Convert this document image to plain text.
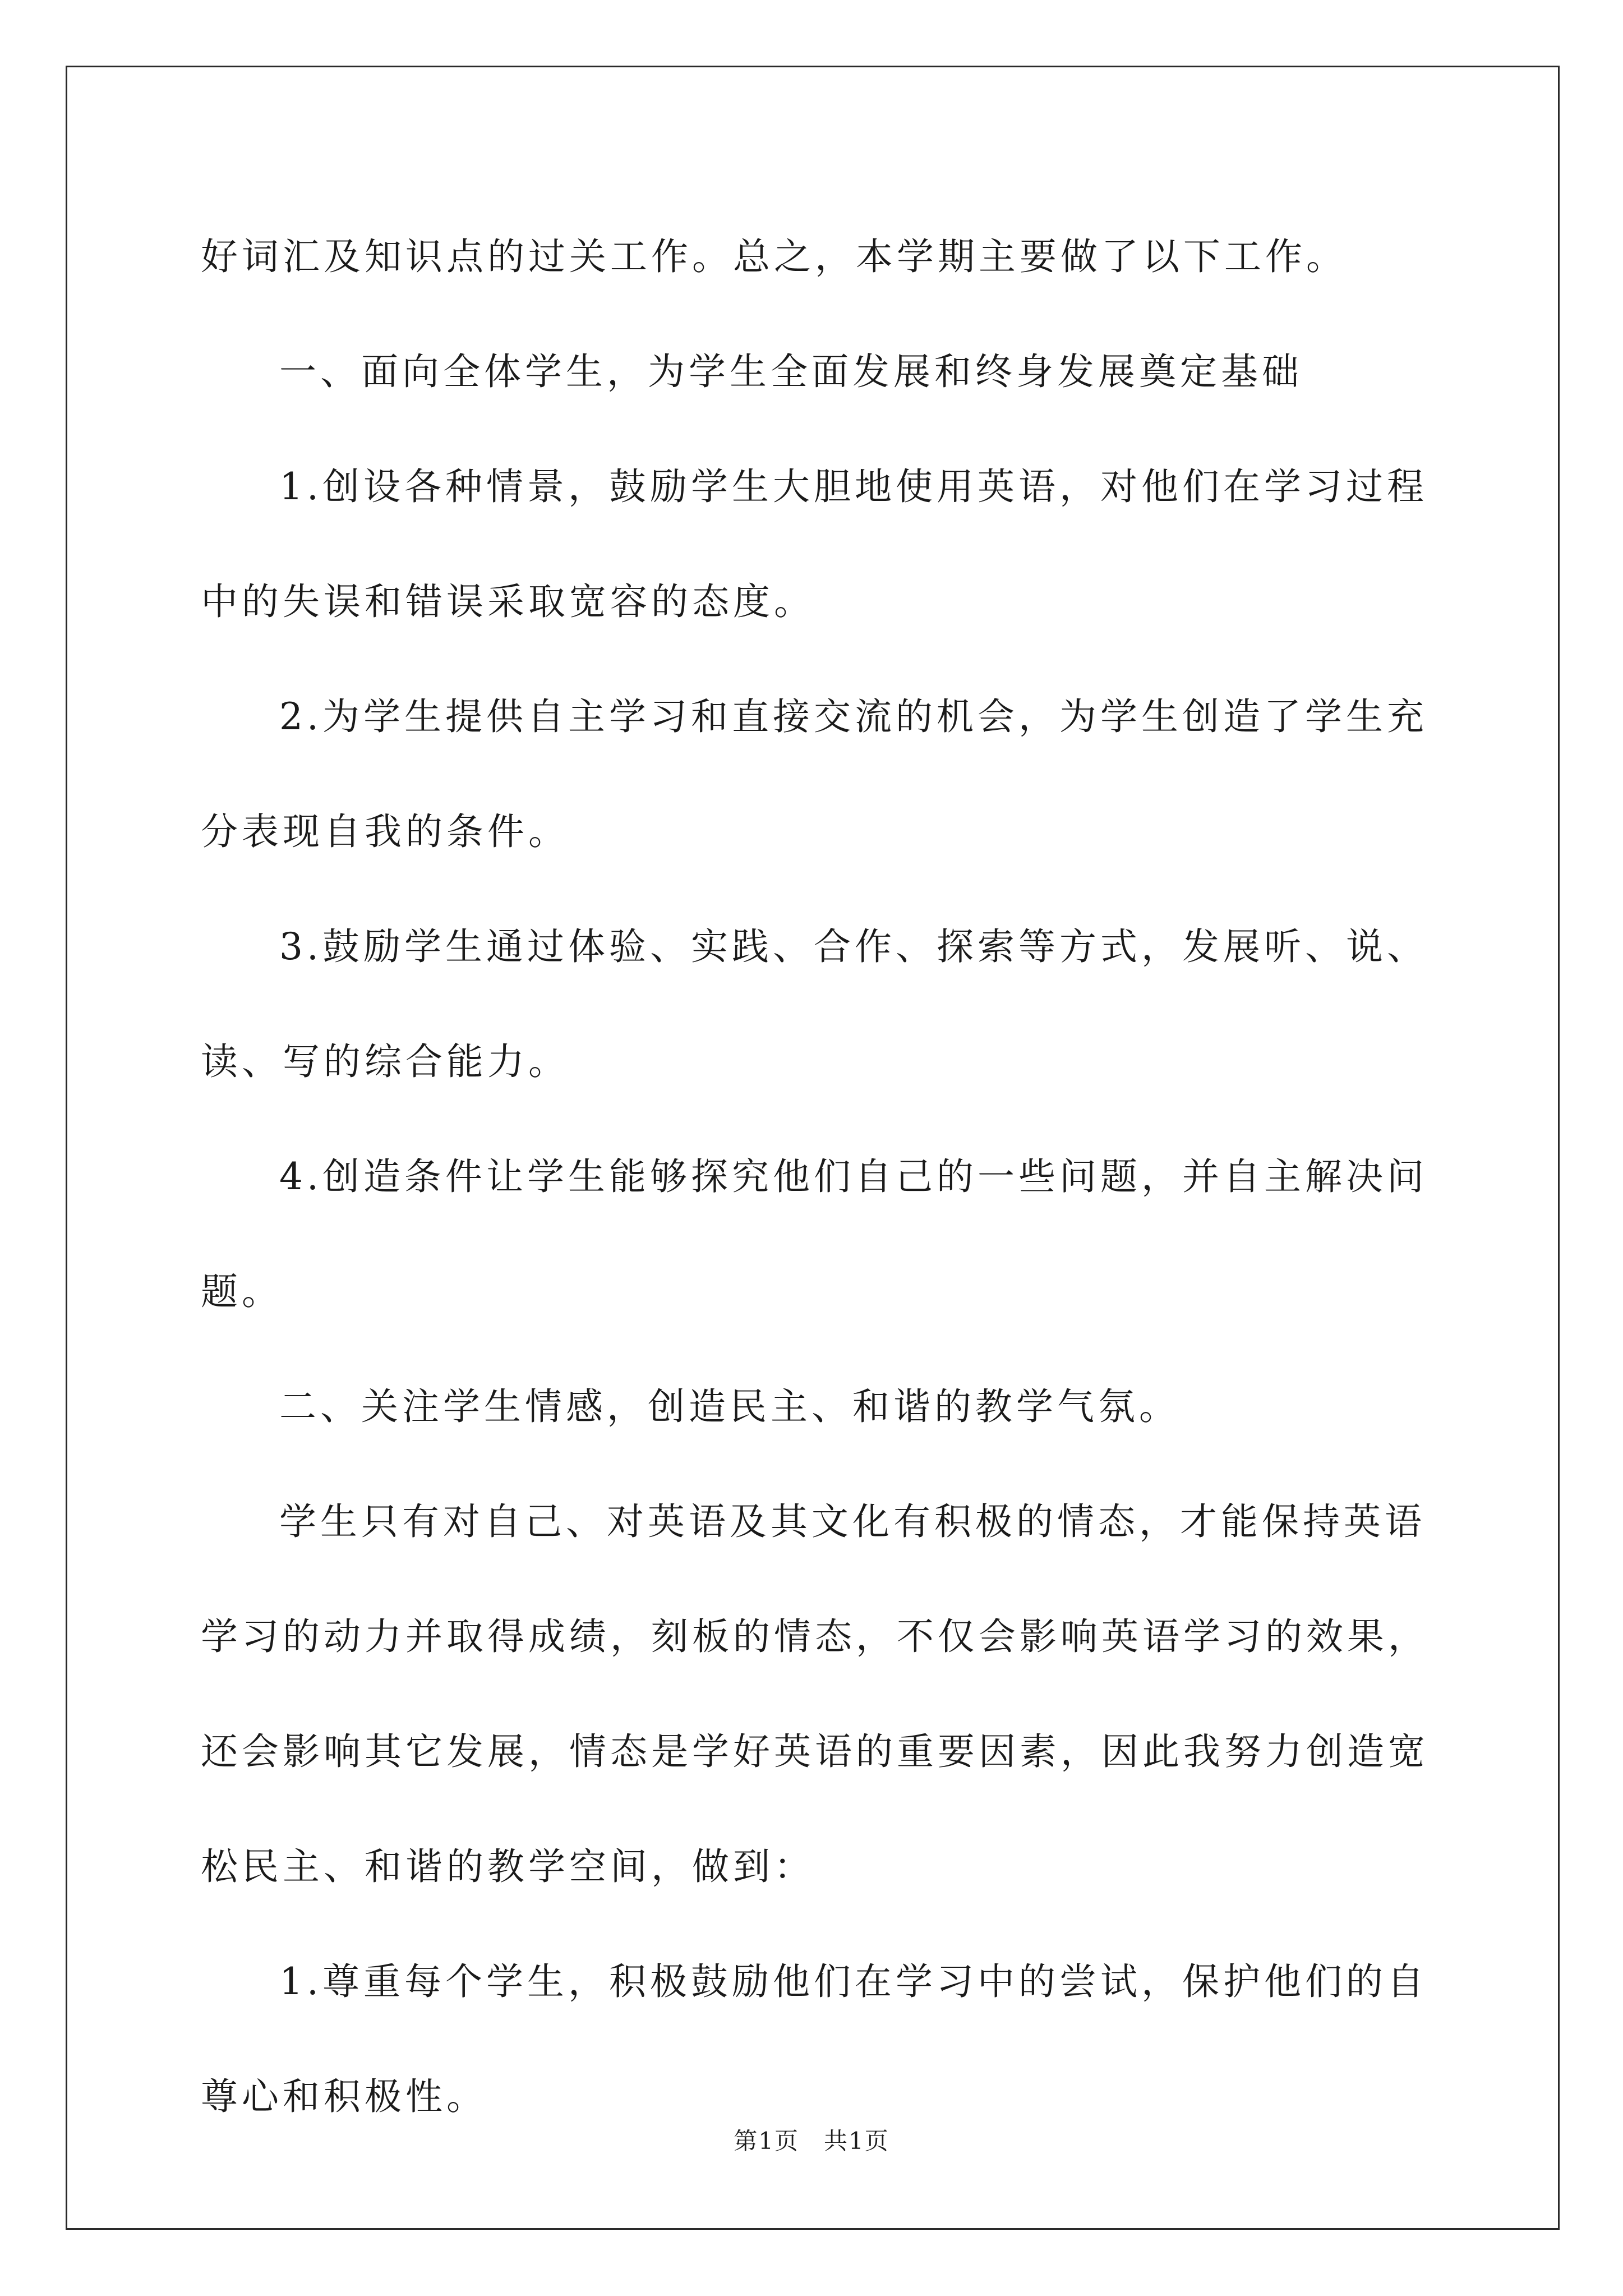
好词汇及知识点的过关工作。总之，本学期主要做了以下工作。
一、面向全体学生，为学生全面发展和终身发展奠定基础
1.创设各种情景，鼓励学生大胆地使用英语，对他们在学习过程
中的失误和错误采取宽容的态度。
2.为学生提供自主学习和直接交流的机会，为学生创造了学生充
分表现自我的条件。
3.鼓励学生通过体验、实践、合作、探索等方式，发展听、说、
读、写的综合能力。
4.创造条件让学生能够探究他们自己的一些问题，并自主解决问
题。
二、关注学生情感，创造民主、和谐的教学气氛。
学生只有对自己、对英语及其文化有积极的情态，才能保持英语
学习的动力并取得成绩，刻板的情态，不仅会影响英语学习的效果，
还会影响其它发展，情态是学好英语的重要因素，因此我努力创造宽
松民主、和谐的教学空间，做到：
1.尊重每个学生，积极鼓励他们在学习中的尝试，保护他们的自
尊心和积极性。
第1页　共1页
